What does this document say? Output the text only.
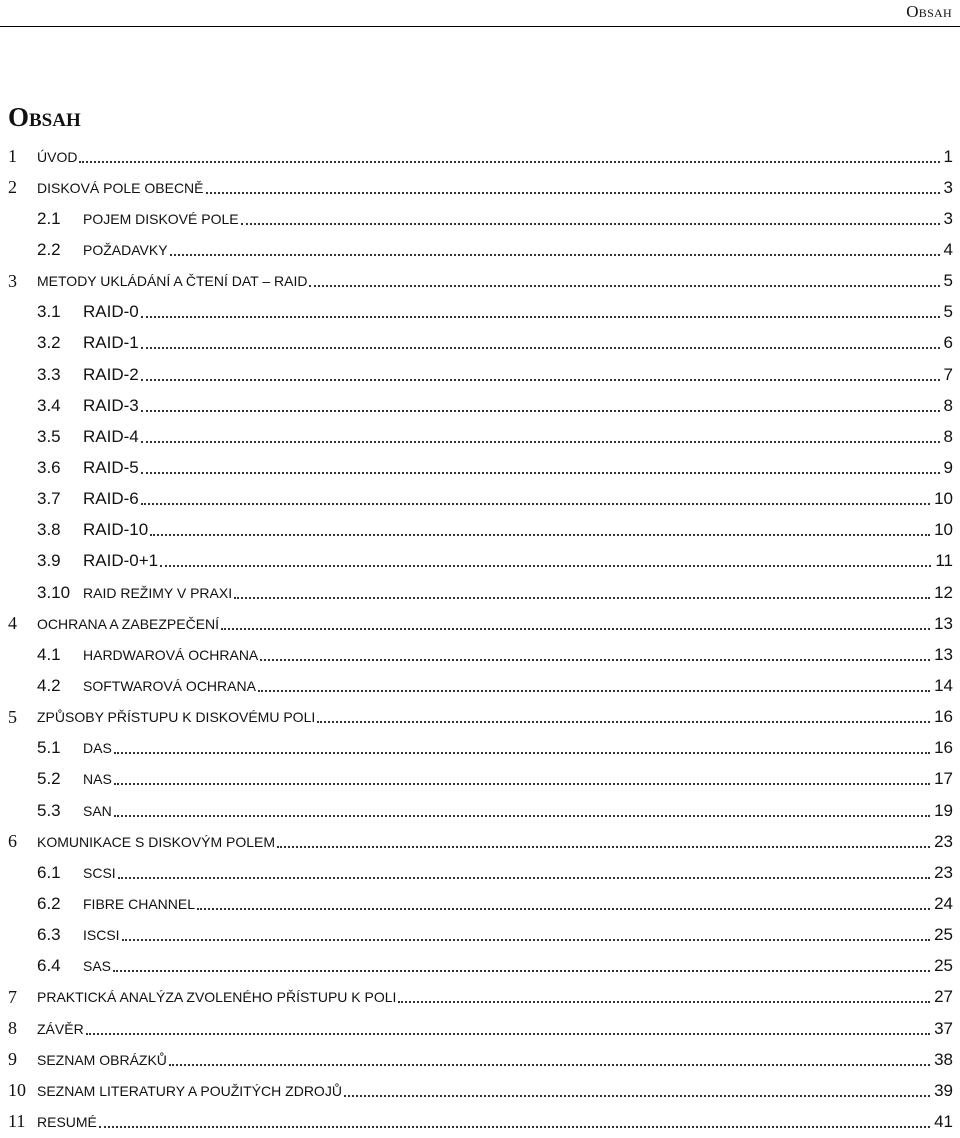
Obsah
Obsah
1	ÚVOD	1
2	DISKOVÁ POLE OBECNĚ	3
2.1	POJEM DISKOVÉ POLE	3
2.2	POŽADAVKY	4
3	METODY UKLÁDÁNÍ A ČTENÍ DAT – RAID	5
3.1	RAID-0	5
3.2	RAID-1	6
3.3	RAID-2	7
3.4	RAID-3	8
3.5	RAID-4	8
3.6	RAID-5	9
3.7	RAID-6	10
3.8	RAID-10	10
3.9	RAID-0+1	11
3.10 RAID REŽIMY V PRAXI	12
4	OCHRANA A ZABEZPEČENÍ	13
4.1	HARDWAROVÁ OCHRANA	13
4.2	SOFTWAROVÁ OCHRANA	14
5	ZPŮSOBY PŘÍSTUPU K DISKOVÉMU POLI	16
5.1	DAS	16
5.2	NAS	17
5.3	SAN	19
6	KOMUNIKACE S DISKOVÝM POLEM	23
6.1	SCSI	23
6.2	FIBRE CHANNEL	24
6.3	ISCSI	25
6.4	SAS	25
7	PRAKTICKÁ ANALÝZA ZVOLENÉHO PŘÍSTUPU K POLI	27
8	ZÁVĚR	37
9	SEZNAM OBRÁZKŮ	38
10 SEZNAM LITERATURY A POUŽITÝCH ZDROJŮ	39
11 RESUMÉ	41
